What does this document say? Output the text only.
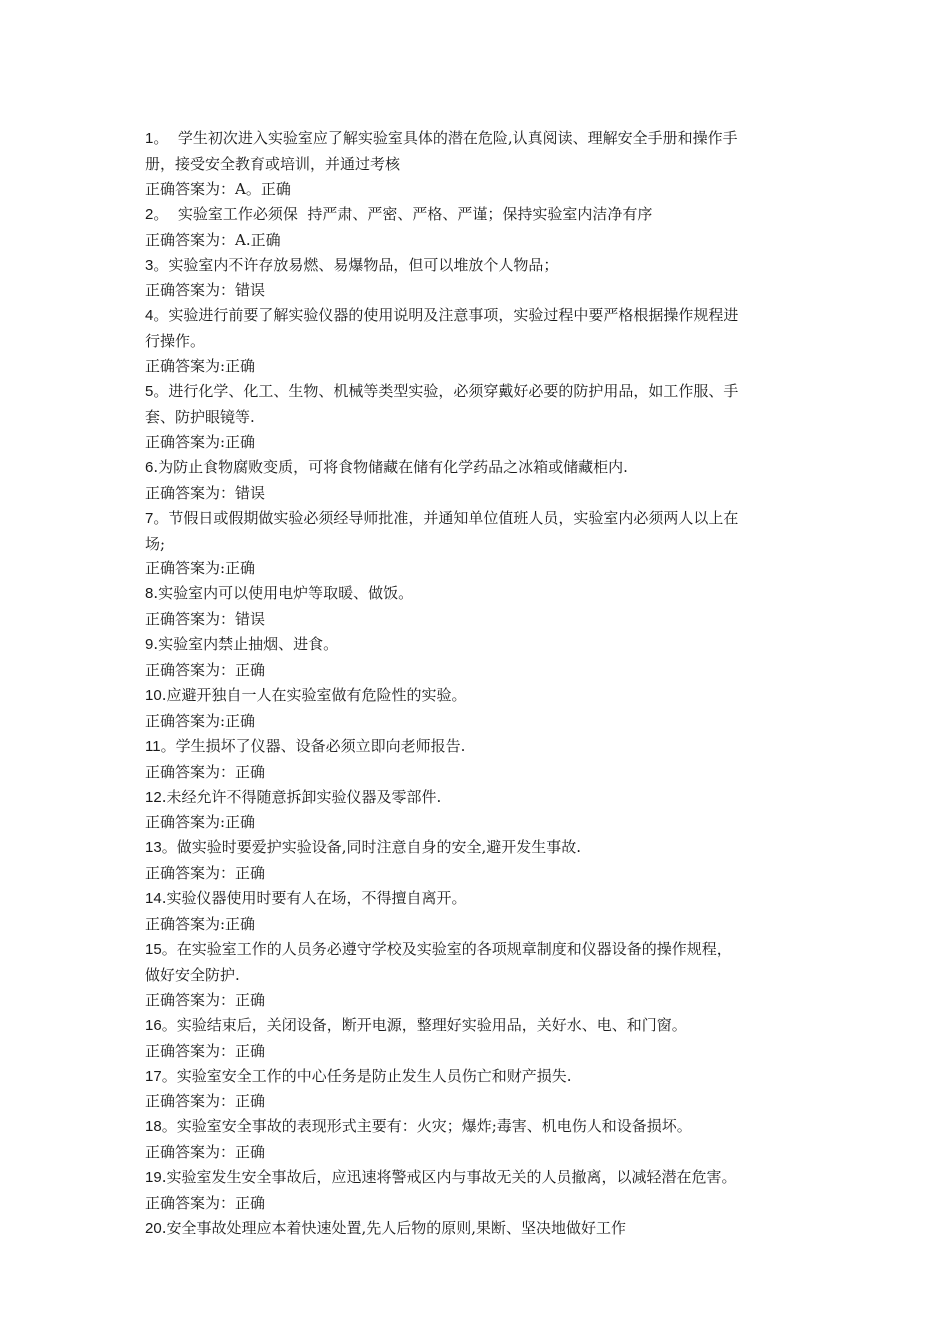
1。  学生初次进入实验室应了解实验室具体的潜在危险,认真阅读、理解安全手册和操作手
册，接受安全教育或培训，并通过考核
正确答案为：A。正确
2。  实验室工作必须保  持严肃、严密、严格、严谨；保持实验室内洁净有序
正确答案为：A.正确
3。实验室内不许存放易燃、易爆物品，但可以堆放个人物品；
正确答案为：错误
4。实验进行前要了解实验仪器的使用说明及注意事项，实验过程中要严格根据操作规程进
行操作。
正确答案为:正确
5。进行化学、化工、生物、机械等类型实验，必须穿戴好必要的防护用品，如工作服、手
套、防护眼镜等.
正确答案为:正确
6.为防止食物腐败变质，可将食物储藏在储有化学药品之冰箱或储藏柜内.
正确答案为：错误
7。节假日或假期做实验必须经导师批准，并通知单位值班人员，实验室内必须两人以上在
场;
正确答案为:正确
8.实验室内可以使用电炉等取暖、做饭。
正确答案为：错误
9.实验室内禁止抽烟、进食。
正确答案为：正确
10.应避开独自一人在实验室做有危险性的实验。
正确答案为:正确
11。学生损坏了仪器、设备必须立即向老师报告.
正确答案为：正确
12.未经允许不得随意拆卸实验仪器及零部件.
正确答案为:正确
13。做实验时要爱护实验设备,同时注意自身的安全,避开发生事故.
正确答案为：正确
14.实验仪器使用时要有人在场，不得擅自离开。
正确答案为:正确
15。在实验室工作的人员务必遵守学校及实验室的各项规章制度和仪器设备的操作规程，
做好安全防护.
正确答案为：正确
16。实验结束后，关闭设备，断开电源，整理好实验用品，关好水、电、和门窗。
正确答案为：正确
17。实验室安全工作的中心任务是防止发生人员伤亡和财产损失.
正确答案为：正确
18。实验室安全事故的表现形式主要有：火灾；爆炸;毒害、机电伤人和设备损坏。
正确答案为：正确
19.实验室发生安全事故后，应迅速将警戒区内与事故无关的人员撤离，以减轻潜在危害。
正确答案为：正确
20.安全事故处理应本着快速处置,先人后物的原则,果断、坚决地做好工作
